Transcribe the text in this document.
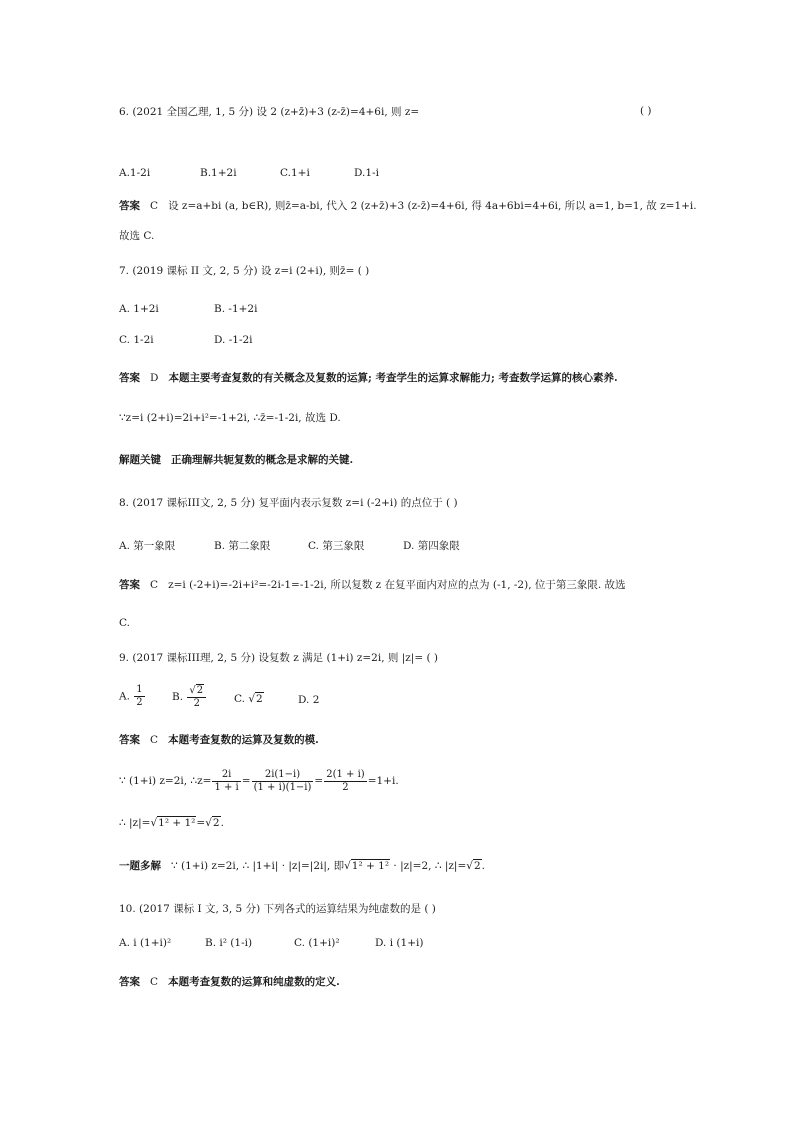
6. (2021 全国乙理, 1, 5 分) 设 2 (z+z̄)+3 (z-z̄)=4+6i, 则 z=	( )
A.1-2i	B.1+2i	C.1+i	D.1-i
答案 C 设 z=a+bi (a, b∈R), 则z̄=a-bi, 代入 2 (z+z̄)+3 (z-z̄)=4+6i, 得 4a+6bi=4+6i, 所以 a=1, b=1, 故 z=1+i.
故选 C.
7. (2019 课标 II 文, 2, 5 分) 设 z=i (2+i), 则z̄= ( )
A. 1+2i	B. -1+2i
C. 1-2i	D. -1-2i
答案 D 本题主要考查复数的有关概念及复数的运算; 考查学生的运算求解能力; 考查数学运算的核心素养.
∵z=i (2+i)=2i+i²=-1+2i, ∴z̄=-1-2i, 故选 D.
解题关键 正确理解共轭复数的概念是求解的关键.
8. (2017 课标III文, 2, 5 分) 复平面内表示复数 z=i (-2+i) 的点位于 ( )
A. 第一象限	B. 第二象限	C. 第三象限	D. 第四象限
答案 C z=i (-2+i)=-2i+i²=-2i-1=-1-2i, 所以复数 z 在复平面内对应的点为 (-1, -2), 位于第三象限. 故选
C.
9. (2017 课标III理, 2, 5 分) 设复数 z 满足 (1+i) z=2i, 则 |z|= ( )
A. $\frac{1}{2}$	B. $\frac{√2}{2}$	C. √2	D. 2
答案 C 本题考查复数的运算及复数的模.
∵ (1+i) z=2i, ∴z= $\frac{2i}{1 + i} = \frac{2i(1-i)}{(1 + i)(1-i)} = \frac{2(1 + i)}{2} =1+i$.
∴ |z|=√1² + 1²=√2.
一题多解 ∵ (1+i) z=2i, ∴ |1+i| · |z|=|2i|, 即√1² + 1² · |z|=2, ∴ |z|=√2.
10. (2017 课标 I 文, 3, 5 分) 下列各式的运算结果为纯虚数的是 ( )
A. i (1+i)²	B. i² (1-i)	C. (1+i)²	D. i (1+i)
答案 C 本题考查复数的运算和纯虚数的定义.
